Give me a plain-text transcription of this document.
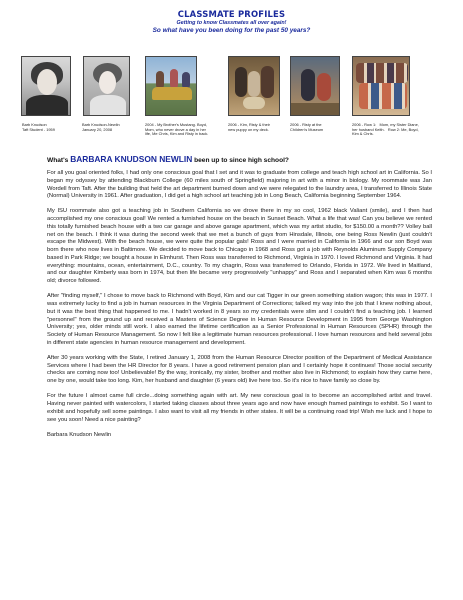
CLASSMATE PROFILES
Getting to know Classmates all over again!
So what have you been doing for the past 50 years?
Barb Knudson
Taft Student - 1959
Barb Knudson-Newlin
January 20, 2008
2004 - My Brother's Mustang. Boyd,
Mom, who never drove a day in her
life, Me Chris, Kim and Risty in back.
2006 - Kim, Risty & their
new puppy on my deck.
2006 - Risty at the
Children's Museum
2006 - Row 1:   Mom, my Sister Diane,
her husband Keith.   Row 2: Me, Boyd,
Kim & Chris.
What's BARBARA KNUDSON NEWLIN been up to since high school?

For all you goal oriented folks, I had only one conscious goal that I set and it was to graduate from college and teach high school art in California. So I began my odyssey by attending Blackburn College (60 miles south of Springfield) majoring in art with a minor in biology. My roommate was Jan Wordell from Taft. After the building that held the art department burned down and we were relegated to the laundry area, I transferred to Illinois State (Normal) University in 1961. After graduation, I did get a high school art teaching job in Long Beach, California beginning September 1964.

My ISU roommate also got a teaching job in Southern California so we drove there in my so cool, 1962 black Valiant (smile), and I then had accomplished my one conscious goal! We rented a furnished house on the beach in Sunset Beach. What a life that was! Can you believe we rented this totally furnished beach house with a two car garage and above garage apartment, which was my artist studio, for $150.00 a month?? Volley ball net on the beach. I think it was during the second week that we met a bunch of guys from Hinsdale, Illinois, one being Ross Newlin (just couldn't escape the Midwest). With the beach house, we were quite the popular gals! Ross and I were married in California in 1966 and our son Boyd was born there who now lives in Baltimore. We decided to move back to Chicago in 1968 and Ross got a job with Reynolds Aluminum Supply Company based in Park Ridge; we bought a house in Elmhurst. Then Ross was transferred to Richmond, Virginia in 1970. I loved Richmond and Virginia. It had everything: mountains, ocean, entertainment, D.C., country. To my chagrin, Ross was transferred to Orlando, Florida in 1972. We lived in Maitland, and our daughter Kimberly was born in 1974, but then life became very progressively "unhappy" and Ross and I separated when Kim was 6 months old; divorce followed.

After "finding myself," I chose to move back to Richmond with Boyd, Kim and our cat Tigger in our green something station wagon; this was in 1977. I was extremely lucky to find a job in human resources in the Virginia Department of Corrections; talked my way into the job that I knew nothing about, but it was the best thing that happened to me. I hadn't worked in 8 years so my credentials were slim and I couldn't find a teaching job. I learned "personnel" from the ground up and received a Masters of Science Degree in Human Resource Development in 1995 from George Washington University; yes, older minds still work. I also earned the lifetime certification as a Senior Professional in Human Resources (SPHR) through the Society of Human Resource Management. So now I felt like a legitimate human resources professional. I love human resources and held several jobs in different state agencies in human resource management and development.

After 30 years working with the State, I retired January 1, 2008 from the Human Resource Director position of the Department of Medical Assistance Services where I had been the HR Director for 8 years. I have a good retirement pension plan and I certainly hope it continues! Those social security checks are coming now too! Unbelievable! By the way, ironically, my sister, brother and mother also live in Richmond; to explain how they came here, one by one, would take too long. Kim, her husband and daughter (6 years old) live here too. So it's nice to have family so close by.

For the future I almost came full circle...doing something again with art. My new conscious goal is to become an accomplished artist and travel. Having never painted with watercolors, I started taking classes about three years ago and now have enough framed paintings to exhibit. So I want to exhibit and hopefully sell some paintings. I also want to visit all my friends in other states. It will be a continuing road trip! Wish me luck and I hope to see you soon! Need a nice painting?

Barbara Knudson Newlin
